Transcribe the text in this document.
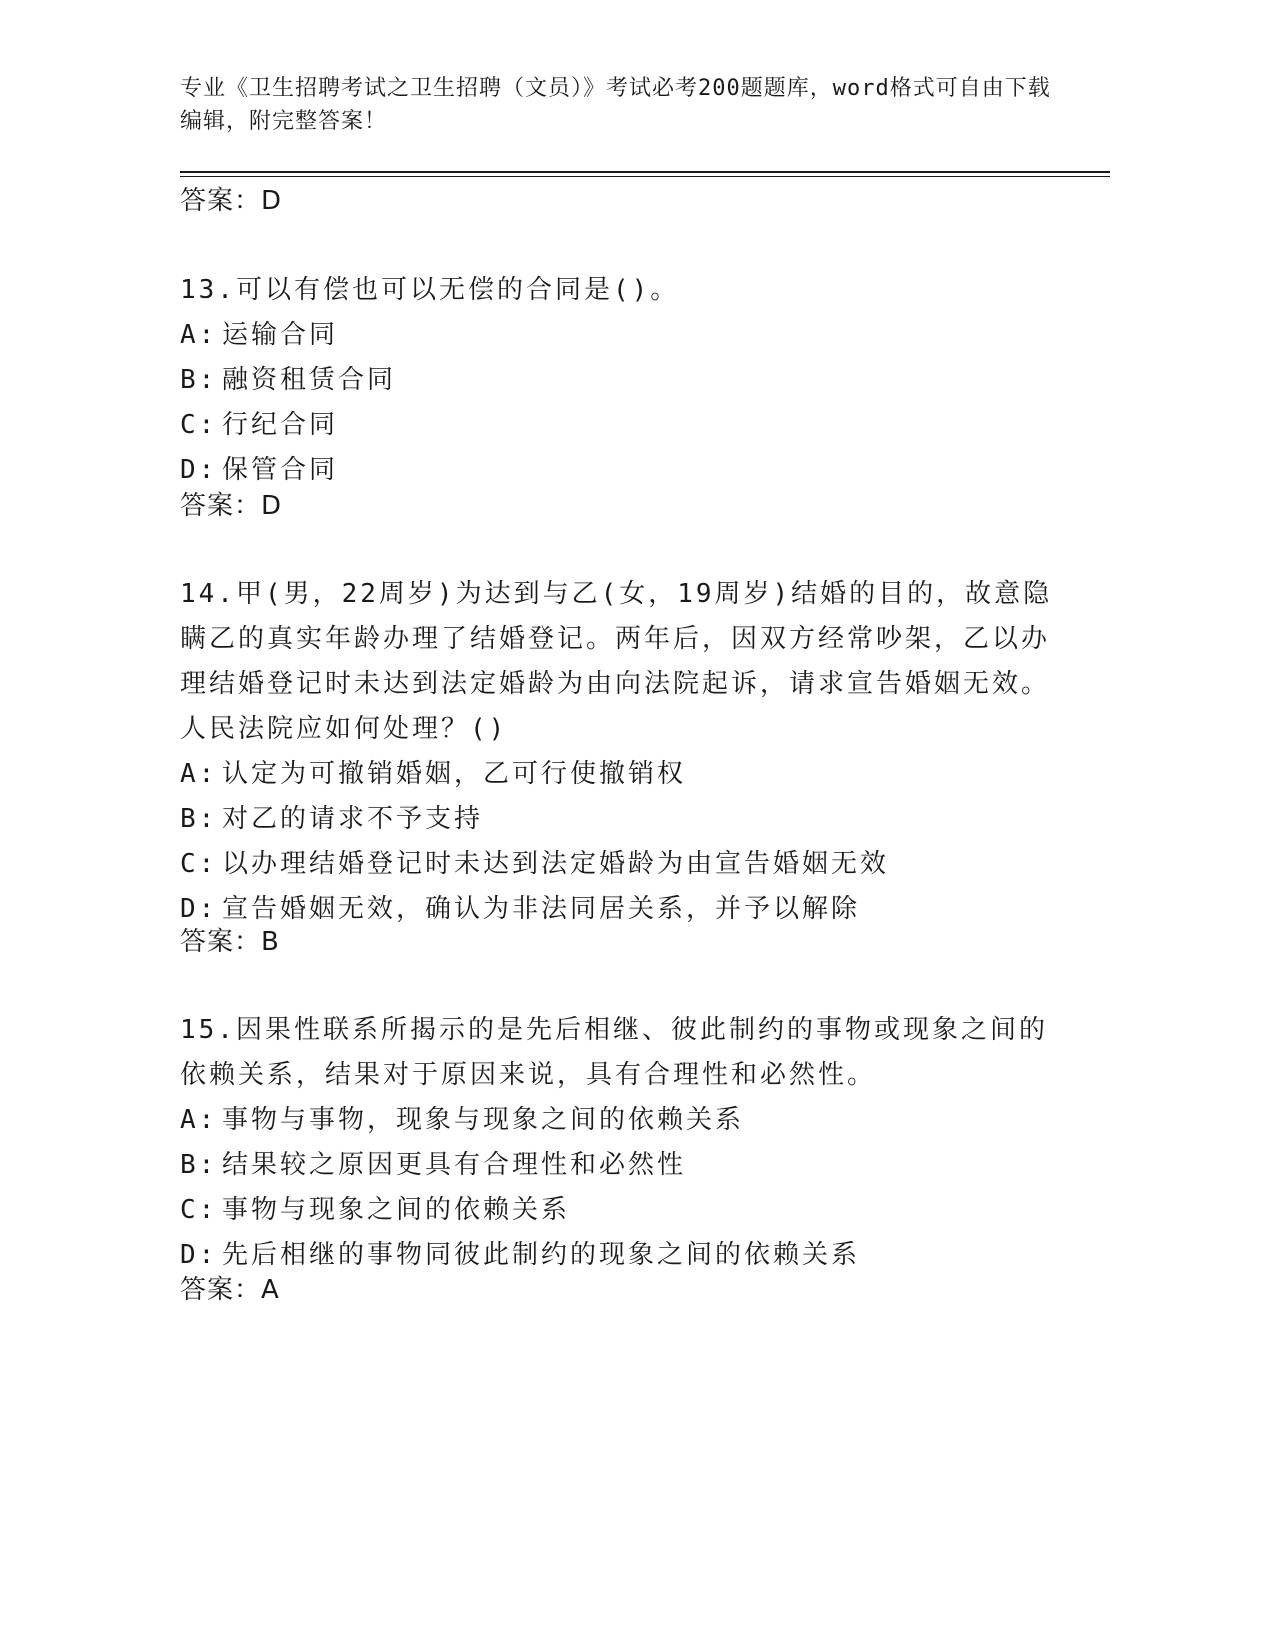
专业《卫生招聘考试之卫生招聘（文员）》考试必考200题题库，word格式可自由下载编辑，附完整答案！
答案：D
13.可以有偿也可以无偿的合同是()。
A: 运输合同
B: 融资租赁合同
C: 行纪合同
D: 保管合同
答案：D
14.甲(男，22周岁)为达到与乙(女，19周岁)结婚的目的，故意隐瞒乙的真实年龄办理了结婚登记。两年后，因双方经常吵架，乙以办理结婚登记时未达到法定婚龄为由向法院起诉，请求宣告婚姻无效。人民法院应如何处理？()
A: 认定为可撤销婚姻，乙可行使撤销权
B: 对乙的请求不予支持
C: 以办理结婚登记时未达到法定婚龄为由宣告婚姻无效
D: 宣告婚姻无效，确认为非法同居关系，并予以解除
答案：B
15.因果性联系所揭示的是先后相继、彼此制约的事物或现象之间的依赖关系，结果对于原因来说，具有合理性和必然性。
A: 事物与事物，现象与现象之间的依赖关系
B: 结果较之原因更具有合理性和必然性
C: 事物与现象之间的依赖关系
D: 先后相继的事物同彼此制约的现象之间的依赖关系
答案：A
